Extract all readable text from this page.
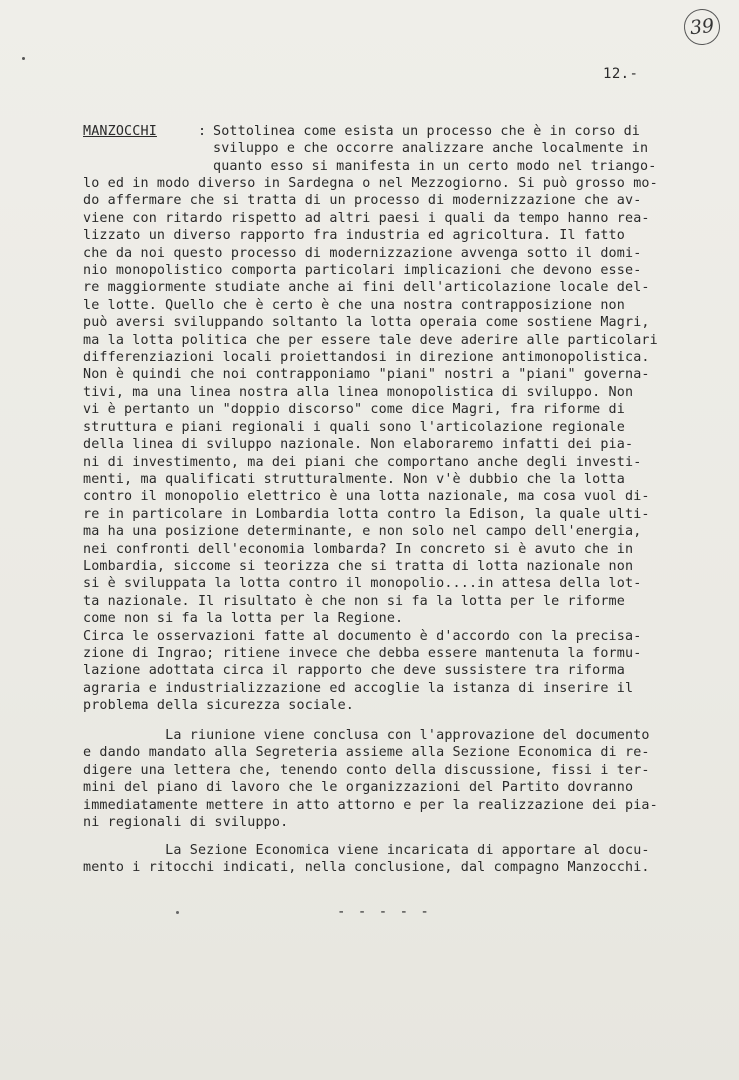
39
12.-
MANZOCCHI	: Sottolinea come esista un processo che è in corso di
sviluppo e che occorre analizzare anche localmente in
quanto esso si manifesta in un certo modo nel triango-
lo ed in modo diverso in Sardegna o nel Mezzogiorno. Si può grosso mo-
do affermare che si tratta di un processo di modernizzazione che av-
viene con ritardo rispetto ad altri paesi i quali da tempo hanno rea-
lizzato un diverso rapporto fra industria ed agricoltura. Il fatto
che da noi questo processo di modernizzazione avvenga sotto il domi-
nio monopolistico comporta particolari implicazioni che devono esse-
re maggiormente studiate anche ai fini dell'articolazione locale del-
le lotte. Quello che è certo è che una nostra contrapposizione non
può aversi sviluppando soltanto la lotta operaia come sostiene Magri,
ma la lotta politica che per essere tale deve aderire alle particolari
differenziazioni locali proiettandosi in direzione antimonopolistica.
Non è quindi che noi contrapponiamo "piani" nostri a "piani" governa-
tivi, ma una linea nostra alla linea monopolistica di sviluppo. Non
vi è pertanto un "doppio discorso" come dice Magri, fra riforme di
struttura e piani regionali i quali sono l'articolazione regionale
della linea di sviluppo nazionale. Non elaboraremo infatti dei pia-
ni di investimento, ma dei piani che comportano anche degli investi-
menti, ma qualificati strutturalmente. Non v'è dubbio che la lotta
contro il monopolio elettrico è una lotta nazionale, ma cosa vuol di-
re in particolare in Lombardia lotta contro la Edison, la quale ulti-
ma ha una posizione determinante, e non solo nel campo dell'energia,
nei confronti dell'economia lombarda? In concreto si è avuto che in
Lombardia, siccome si teorizza che si tratta di lotta nazionale non
si è sviluppata la lotta contro il monopolio....in attesa della lot-
ta nazionale. Il risultato è che non si fa la lotta per le riforme
come non si fa la lotta per la Regione.
Circa le osservazioni fatte al documento è d'accordo con la precisa-
zione di Ingrao; ritiene invece che debba essere mantenuta la formu-
lazione adottata circa il rapporto che deve sussistere tra riforma
agraria e industrializzazione ed accoglie la istanza di inserire il
problema della sicurezza sociale.
La riunione viene conclusa con l'approvazione del documento
e dando mandato alla Segreteria assieme alla Sezione Economica di re-
digere una lettera che, tenendo conto della discussione, fissi i ter-
mini del piano di lavoro che le organizzazioni del Partito dovranno
immediatamente mettere in atto attorno e per la realizzazione dei pia-
ni regionali di sviluppo.
La Sezione Economica viene incaricata di apportare al docu-
mento i ritocchi indicati, nella conclusione, dal compagno Manzocchi.
- - - - -
